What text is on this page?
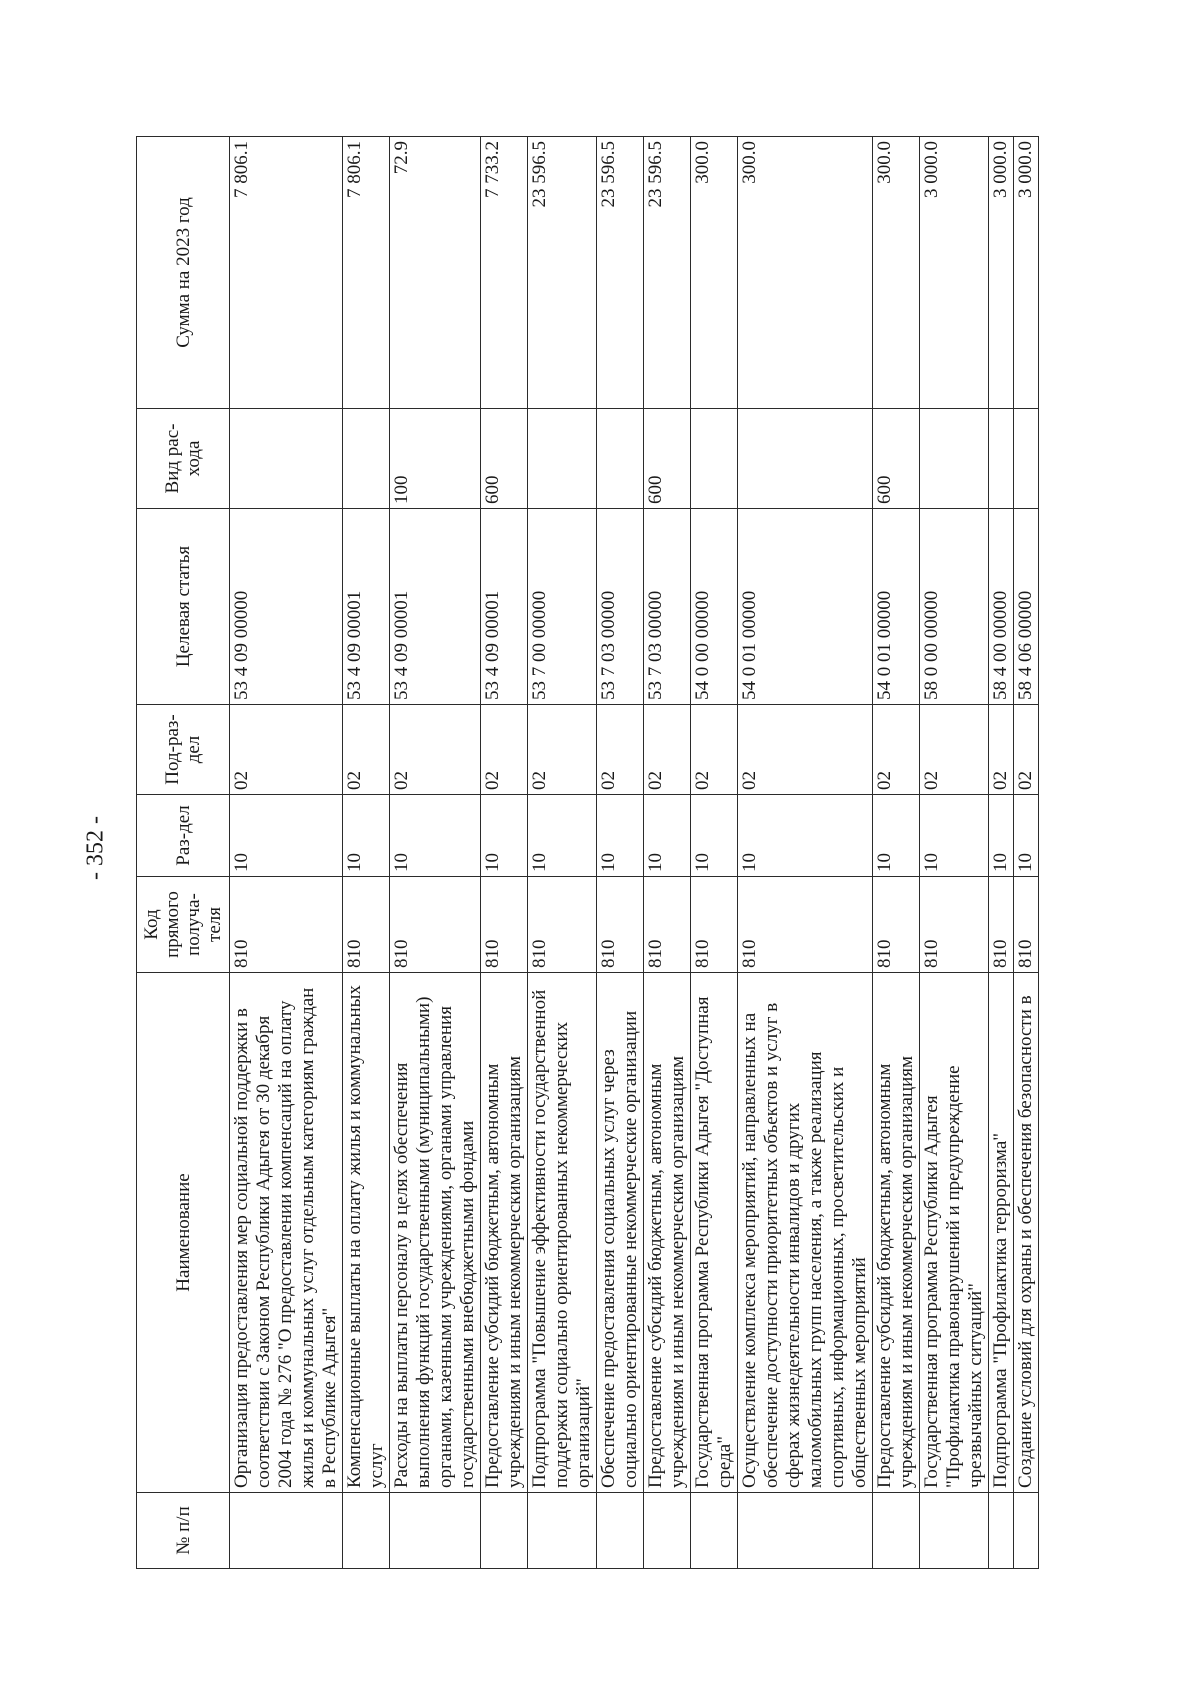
- 352 -
№ п/п	Наименование	Код прямого получа-теля	Раз-дел	Под-раз-дел	Целевая статья	Вид рас-хода	Сумма на 2023 год
	Организация предоставления мер социальной поддержки в соответствии с Законом Республики Адыгея от 30 декабря 2004 года № 276 "О предоставлении компенсаций на оплату жилья и коммунальных услуг отдельным категориям граждан в Республике Адыгея"	810	10	02	53 4 09 00000		7 806.1
	Компенсационные выплаты на оплату жилья и коммунальных услуг	810	10	02	53 4 09 00001		7 806.1
	Расходы на выплаты персоналу в целях обеспечения выполнения функций государственными (муниципальными) органами, казенными учреждениями, органами управления государственными внебюджетными фондами	810	10	02	53 4 09 00001	100	72.9
	Предоставление субсидий бюджетным, автономным учреждениям и иным некоммерческим организациям	810	10	02	53 4 09 00001	600	7 733.2
	Подпрограмма "Повышение эффективности государственной поддержки социально ориентированных некоммерческих организаций"	810	10	02	53 7 00 00000		23 596.5
	Обеспечение предоставления социальных услуг через социально ориентированные некоммерческие организации	810	10	02	53 7 03 00000		23 596.5
	Предоставление субсидий бюджетным, автономным учреждениям и иным некоммерческим организациям	810	10	02	53 7 03 00000	600	23 596.5
	Государственная программа Республики Адыгея "Доступная среда"	810	10	02	54 0 00 00000		300.0
	Осуществление комплекса мероприятий, направленных на обеспечение доступности приоритетных объектов и услуг в сферах жизнедеятельности инвалидов и других маломобильных групп населения, а также реализация спортивных, информационных, просветительских и общественных мероприятий	810	10	02	54 0 01 00000		300.0
	Предоставление субсидий бюджетным, автономным учреждениям и иным некоммерческим организациям	810	10	02	54 0 01 00000	600	300.0
	Государственная программа Республики Адыгея "Профилактика правонарушений и предупреждение чрезвычайных ситуаций"	810	10	02	58 0 00 00000		3 000.0
	Подпрограмма "Профилактика терроризма"	810	10	02	58 4 00 00000		3 000.0
	Создание условий для охраны и обеспечения безопасности в	810	10	02	58 4 06 00000		3 000.0
